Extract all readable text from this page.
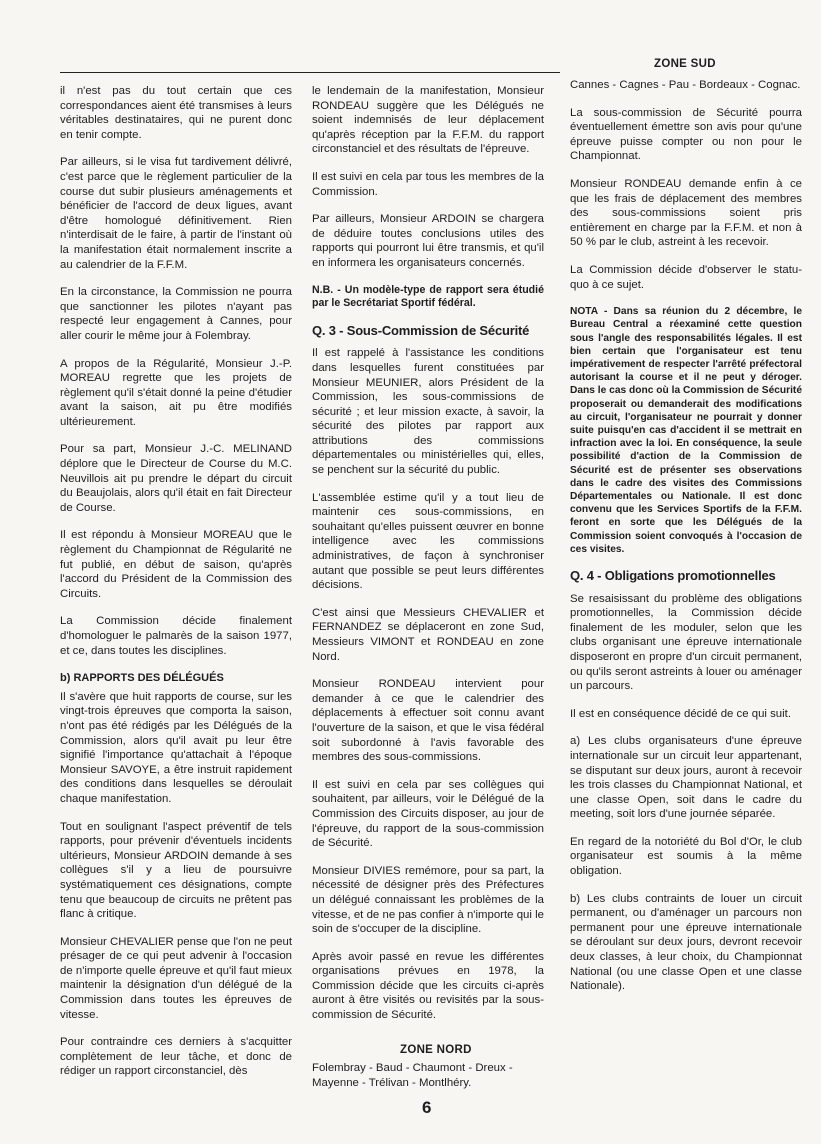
ZONE SUD

il n'est pas du tout certain que ces correspondances aient été transmises à leurs véritables destinataires, qui ne purent donc en tenir compte.

Par ailleurs, si le visa fut tardivement délivré, c'est parce que le règlement particulier de la course dut subir plusieurs aménagements et bénéficier de l'accord de deux ligues, avant d'être homologué définitivement. Rien n'interdisait de le faire, à partir de l'instant où la manifestation était normalement inscrite a au calendrier de la F.F.M.

En la circonstance, la Commission ne pourra que sanctionner les pilotes n'ayant pas respecté leur engagement à Cannes, pour aller courir le même jour à Folembray.

A propos de la Régularité, Monsieur J.-P. MOREAU regrette que les projets de règlement qu'il s'était donné la peine d'étudier avant la saison, ait pu être modifiés ultérieurement.

Pour sa part, Monsieur J.-C. MELINAND déplore que le Directeur de Course du M.C. Neuvillois ait pu prendre le départ du circuit du Beaujolais, alors qu'il était en fait Directeur de Course.

Il est répondu à Monsieur MOREAU que le règlement du Championnat de Régularité ne fut publié, en début de saison, qu'après l'accord du Président de la Commission des Circuits.

La Commission décide finalement d'homologuer le palmarès de la saison 1977, et ce, dans toutes les disciplines.

b) RAPPORTS DES DÉLÉGUÉS

Il s'avère que huit rapports de course, sur les vingt-trois épreuves que comportа la saison, n'ont pas été rédigés par les Délégués de la Commission, alors qu'il avait pu leur être signifié l'importance qu'attachait à l'époque Monsieur SAVOYE, a être instruit rapidement des conditions dans lesquelles se déroulait chaque manifestation.

Tout en soulignant l'aspect préventif de tels rapports, pour prévenir d'éventuels incidents ultérieurs, Monsieur ARDOIN demande à ses collègues s'il y a lieu de poursuivre systématiquement ces désignations, compte tenu que beaucoup de circuits ne prêtent pas flanc à critique.

Monsieur CHEVALIER pense que l'on ne peut présager de ce qui peut advenir à l'occasion de n'importe quelle épreuve et qu'il faut mieux maintenir la désignation d'un délégué de la Commission dans toutes les épreuves de vitesse.

Pour contraindre ces derniers à s'acquitter complètement de leur tâche, et donc de rédiger un rapport circonstanciel, dès

le lendemain de la manifestation, Monsieur RONDEAU suggère que les Délégués ne soient indemnisés de leur déplacement qu'après réception par la F.F.M. du rapport circonstanciel et des résultats de l'épreuve.

Il est suivi en cela par tous les membres de la Commission.

Par ailleurs, Monsieur ARDOIN se chargera de déduire toutes conclusions utiles des rapports qui pourront lui être transmis, et qu'il en informera les organisateurs concernés.

N.B. - Un modèle-type de rapport sera étudié par le Secrétariat Sportif fédéral.

Q. 3 - Sous-Commission de Sécurité

Il est rappelé à l'assistance les conditions dans lesquelles furent constituées par Monsieur MEUNIER, alors Président de la Commission, les sous-commissions de sécurité ; et leur mission exacte, à savoir, la sécurité des pilotes par rapport aux attributions des commissions départementales ou ministérielles qui, elles, se penchent sur la sécurité du public.

L'assemblée estime qu'il y a tout lieu de maintenir ces sous-commissions, en souhaitant qu'elles puissent œuvrer en bonne intelligence avec les commissions administratives, de façon à synchroniser autant que possible se peut leurs différentes décisions.

C'est ainsi que Messieurs CHEVALIER et FERNANDEZ se déplaceront en zone Sud, Messieurs VIMONT et RONDEAU en zone Nord.

Monsieur RONDEAU intervient pour demander à ce que le calendrier des déplacements à effectuer soit connu avant l'ouverture de la saison, et que le visa fédéral soit subordonné à l'avis favorable des membres des sous-commissions.

Il est suivi en cela par ses collègues qui souhaitent, par ailleurs, voir le Délégué de la Commission des Circuits disposer, au jour de l'épreuve, du rapport de la sous-commission de Sécurité.

Monsieur DIVIES remémore, pour sa part, la nécessité de désigner près des Préfectures un délégué connaissant les problèmes de la vitesse, et de ne pas confier à n'importe qui le soin de s'occuper de la discipline.

Après avoir passé en revue les différentes organisations prévues en 1978, la Commission décide que les circuits ci-après auront à être visités ou revisités par la sous-commission de Sécurité.

ZONE NORD

Folembray - Baud - Chaumont - Dreux - Mayenne - Trélivan - Montlhéry.

Cannes - Cagnes - Pau - Bordeaux - Cognac.

La sous-commission de Sécurité pourra éventuellement émettre son avis pour qu'une épreuve puisse compter ou non pour le Championnat.

Monsieur RONDEAU demande enfin à ce que les frais de déplacement des membres des sous-commissions soient pris entièrement en charge par la F.F.M. et non à 50 % par le club, astreint à les recevoir.

La Commission décide d'observer le statu-quo à ce sujet.

NOTA - Dans sa réunion du 2 décembre, le Bureau Central a réexaminé cette question sous l'angle des responsabilités légales. Il est bien certain que l'organisateur est tenu impérativement de respecter l'arrêté préfectoral autorisant la course et il ne peut y déroger. Dans le cas donc où la Commission de Sécurité proposerait ou demanderait des modifications au circuit, l'organisateur ne pourrait y donner suite puisqu'en cas d'accident il se mettrait en infraction avec la loi. En conséquence, la seule possibilité d'action de la Commission de Sécurité est de présenter ses observations dans le cadre des visites des Commissions Départementales ou Nationale. Il est donc convenu que les Services Sportifs de la F.F.M. feront en sorte que les Délégués de la Commission soient convoqués à l'occasion de ces visites.

Q. 4 - Obligations promotionnelles

Se resaisissant du problème des obligations promotionnelles, la Commission décide finalement de les moduler, selon que les clubs organisant une épreuve internationale disposeront en propre d'un circuit permanent, ou qu'ils seront astreints à louer ou aménager un parcours.

Il est en conséquence décidé de ce qui suit.

a) Les clubs organisateurs d'une épreuve internationale sur un circuit leur appartenant, se disputant sur deux jours, auront à recevoir les trois classes du Championnat National, et une classe Open, soit dans le cadre du meeting, soit lors d'une journée séparée.

En regard de la notoriété du Bol d'Or, le club organisateur est soumis à la même obligation.

b) Les clubs contraints de louer un circuit permanent, ou d'aménager un parcours non permanent pour une épreuve internationale se déroulant sur deux jours, devront recevoir deux classes, à leur choix, du Championnat National (ou une classe Open et une classe Nationale).

6
